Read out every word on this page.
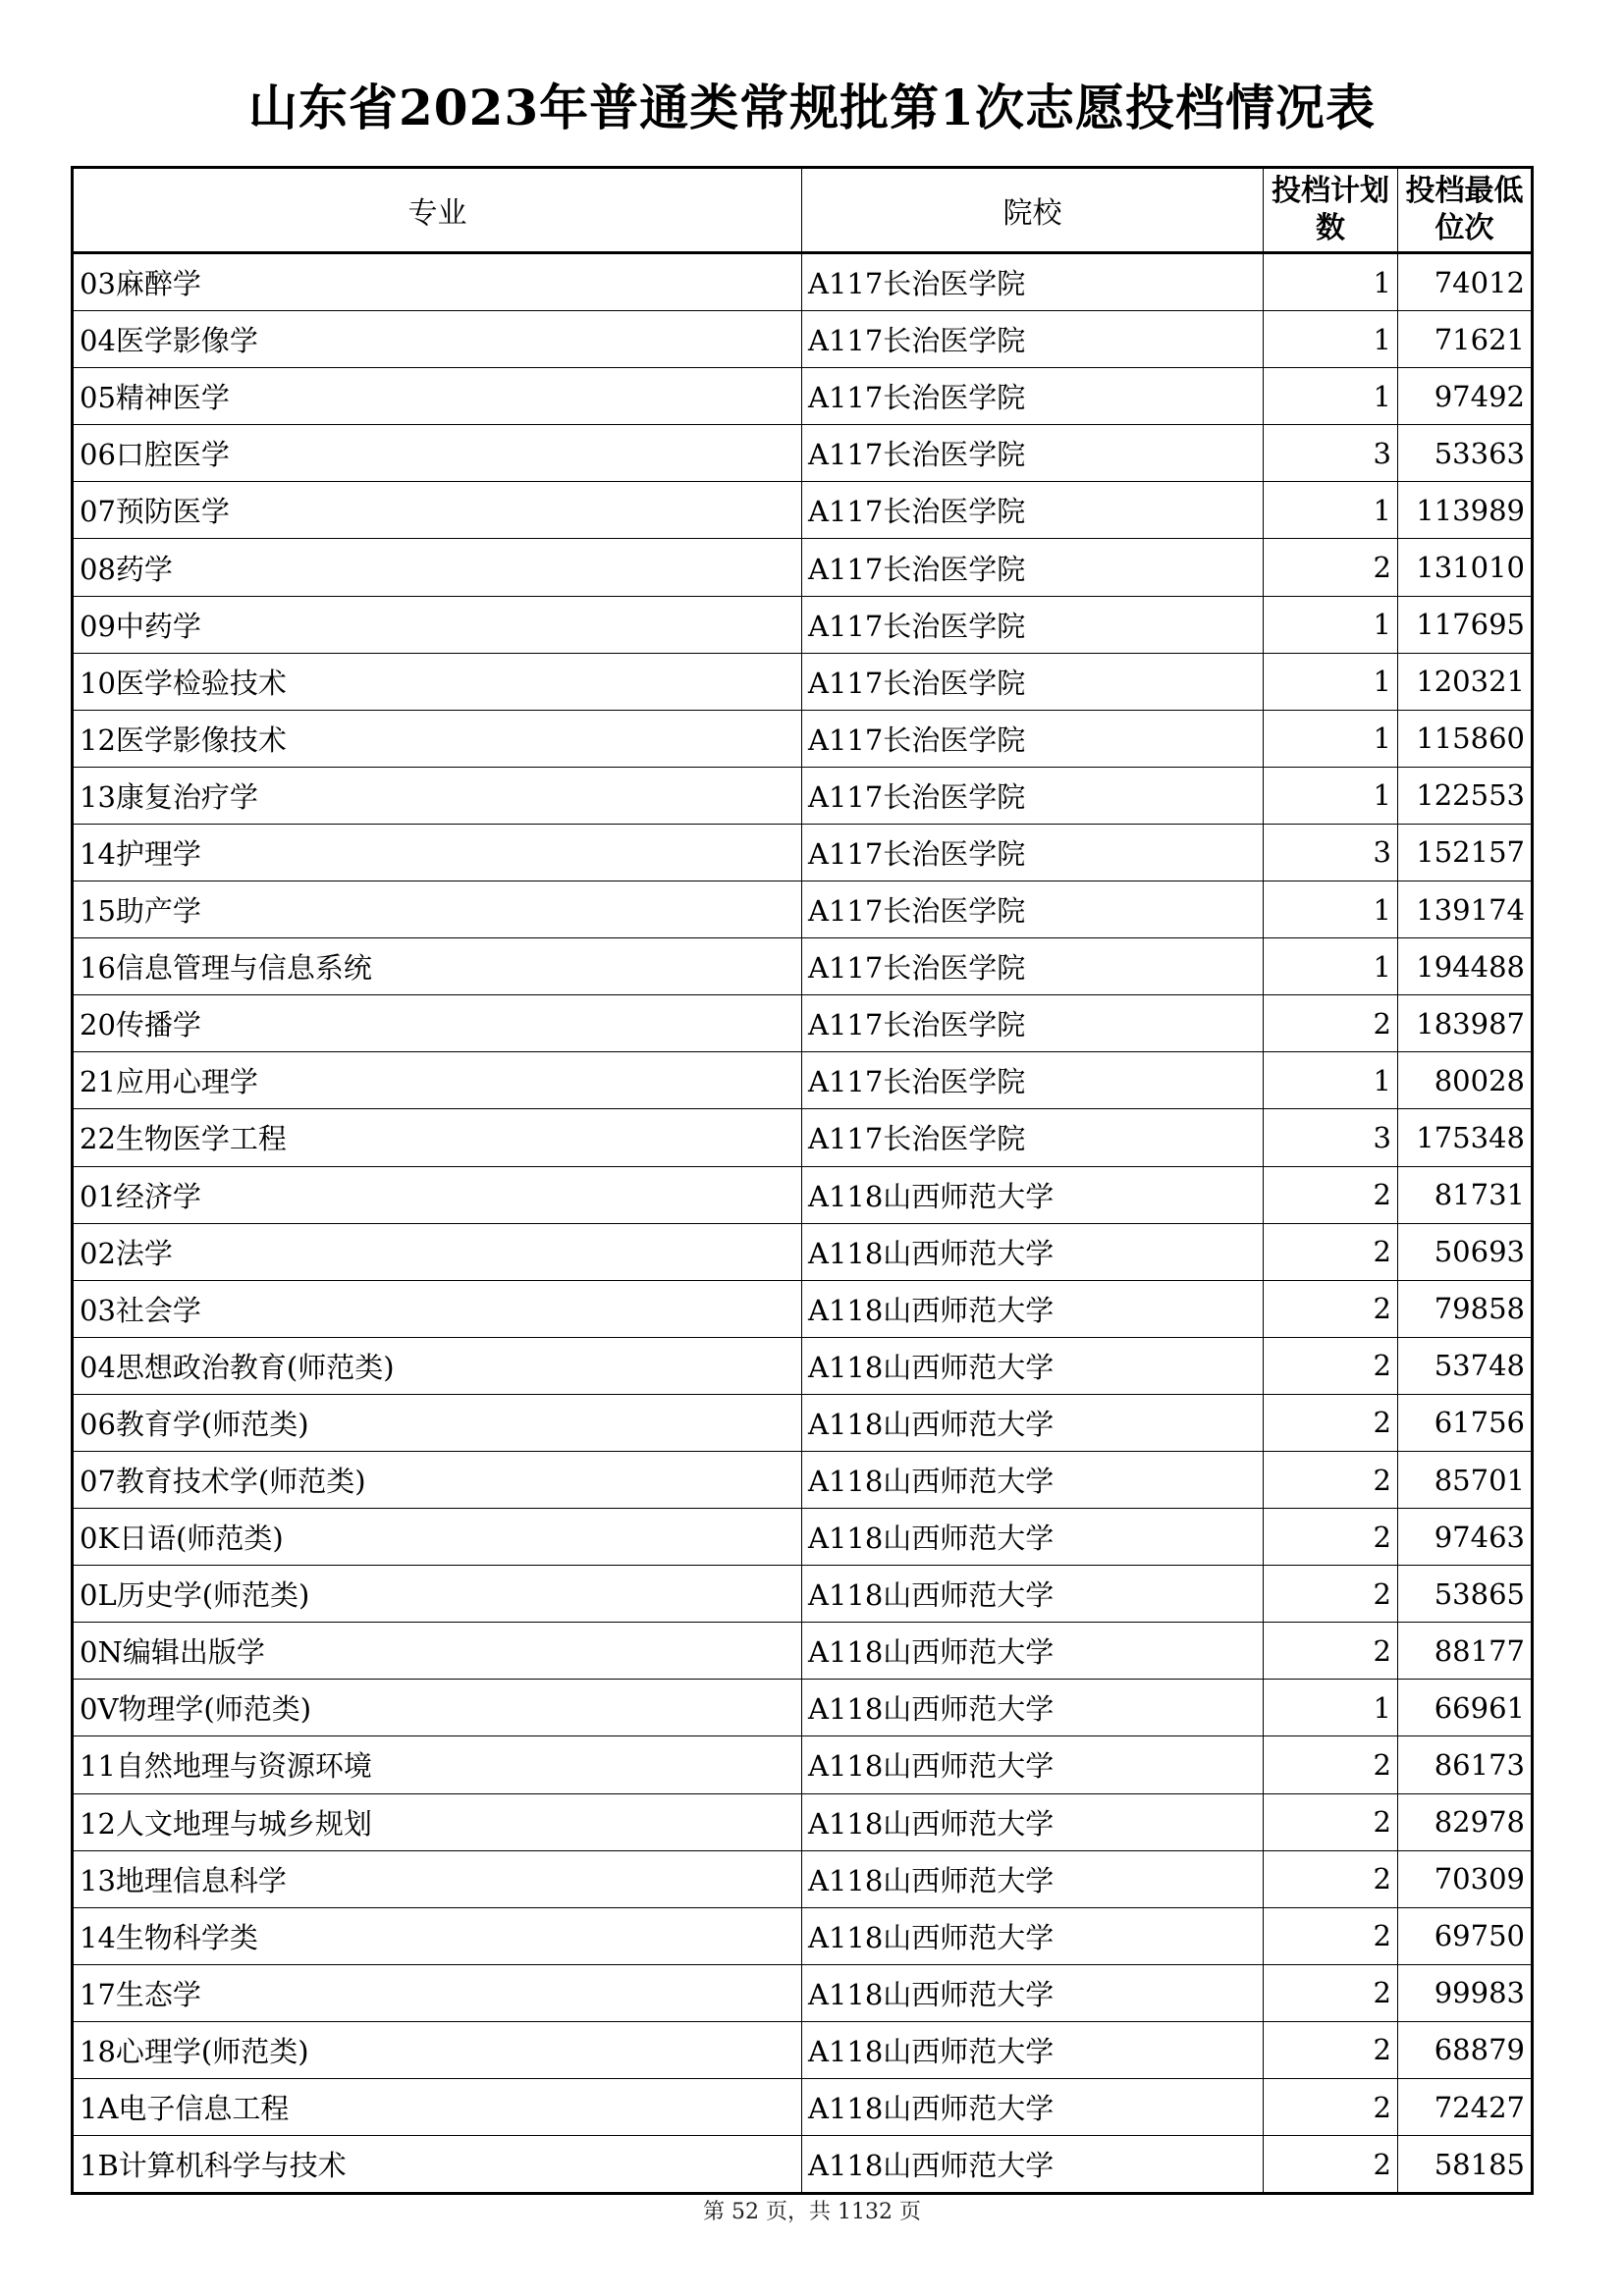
山东省2023年普通类常规批第1次志愿投档情况表
专业	院校	投档计划数	投档最低位次
03麻醉学	A117长治医学院	1	74012
04医学影像学	A117长治医学院	1	71621
05精神医学	A117长治医学院	1	97492
06口腔医学	A117长治医学院	3	53363
07预防医学	A117长治医学院	1	113989
08药学	A117长治医学院	2	131010
09中药学	A117长治医学院	1	117695
10医学检验技术	A117长治医学院	1	120321
12医学影像技术	A117长治医学院	1	115860
13康复治疗学	A117长治医学院	1	122553
14护理学	A117长治医学院	3	152157
15助产学	A117长治医学院	1	139174
16信息管理与信息系统	A117长治医学院	1	194488
20传播学	A117长治医学院	2	183987
21应用心理学	A117长治医学院	1	80028
22生物医学工程	A117长治医学院	3	175348
01经济学	A118山西师范大学	2	81731
02法学	A118山西师范大学	2	50693
03社会学	A118山西师范大学	2	79858
04思想政治教育(师范类)	A118山西师范大学	2	53748
06教育学(师范类)	A118山西师范大学	2	61756
07教育技术学(师范类)	A118山西师范大学	2	85701
0K日语(师范类)	A118山西师范大学	2	97463
0L历史学(师范类)	A118山西师范大学	2	53865
0N编辑出版学	A118山西师范大学	2	88177
0V物理学(师范类)	A118山西师范大学	1	66961
11自然地理与资源环境	A118山西师范大学	2	86173
12人文地理与城乡规划	A118山西师范大学	2	82978
13地理信息科学	A118山西师范大学	2	70309
14生物科学类	A118山西师范大学	2	69750
17生态学	A118山西师范大学	2	99983
18心理学(师范类)	A118山西师范大学	2	68879
1A电子信息工程	A118山西师范大学	2	72427
1B计算机科学与技术	A118山西师范大学	2	58185
第 52 页，共 1132 页
